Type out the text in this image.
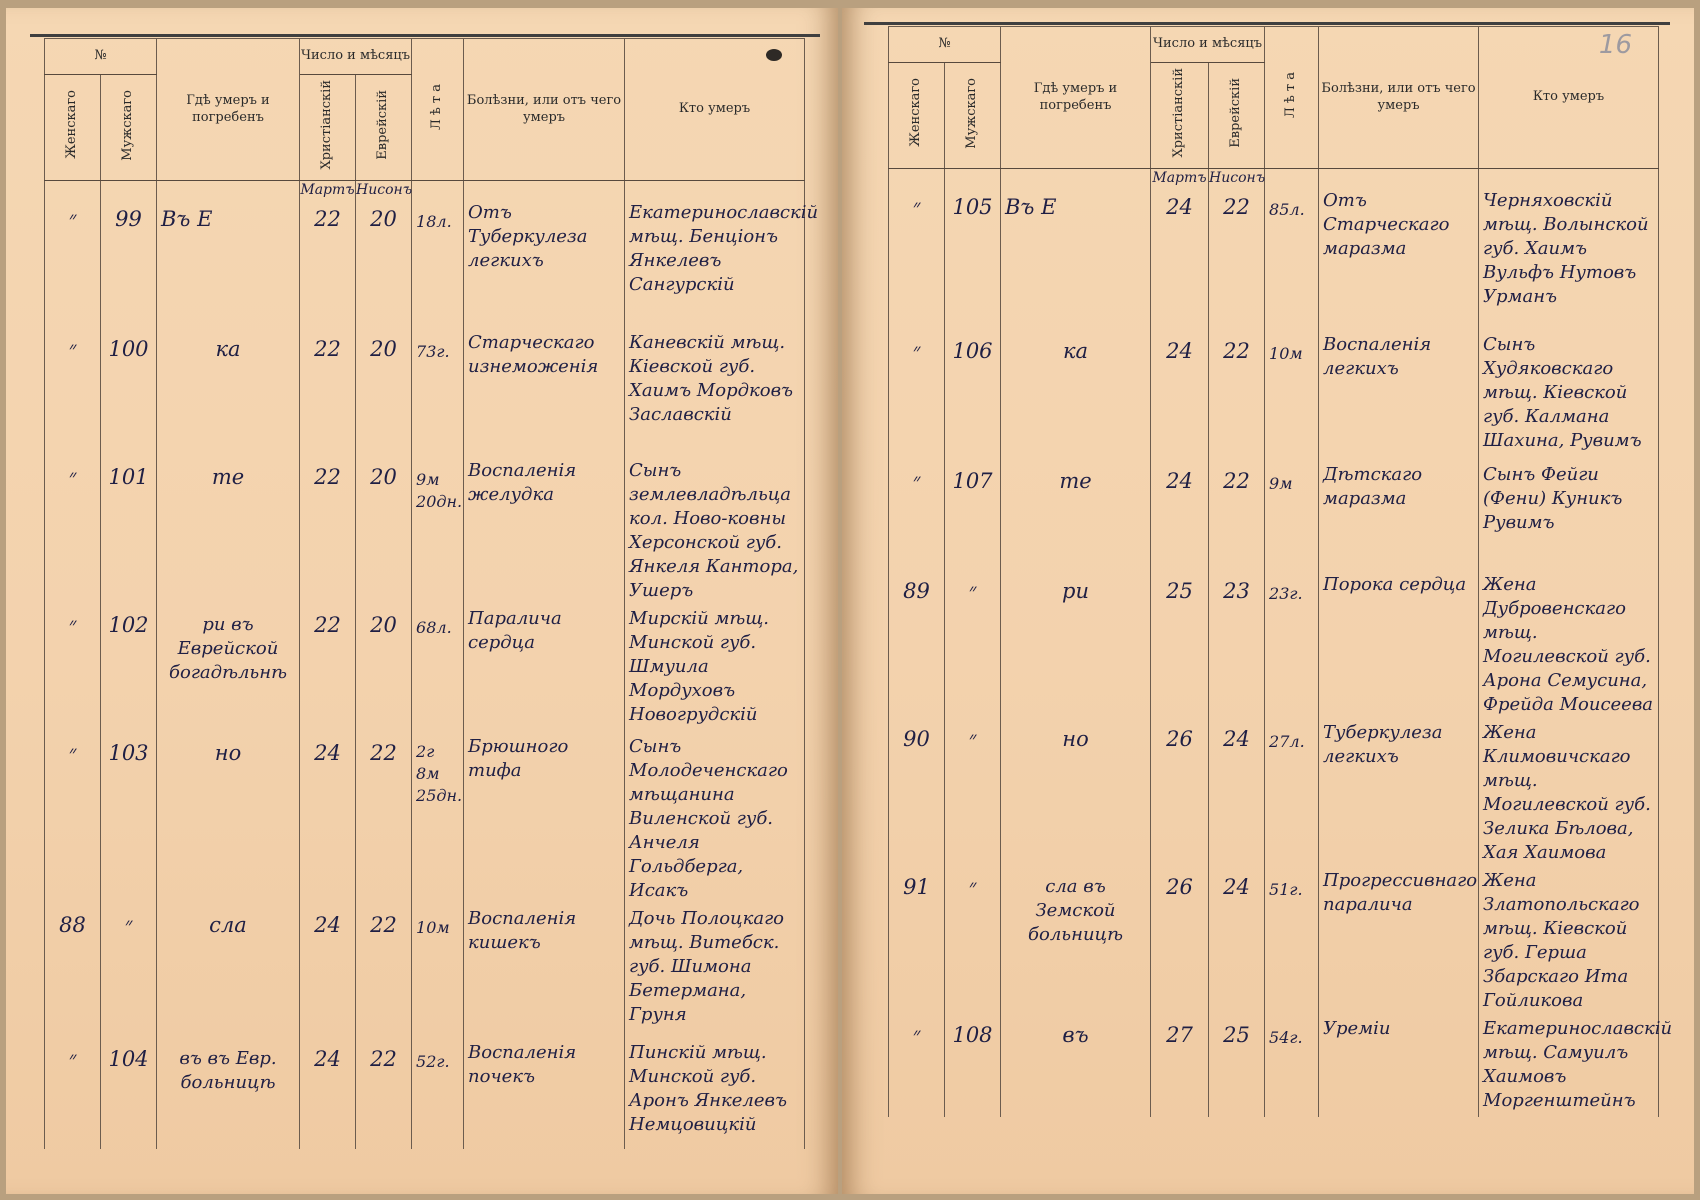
№		Гдѣ умеръ и погребенъ	Число и мѣсяцъ		Л ѣ т а	Болѣзни, или отъ чего умеръ	Кто умеръ
Женскаго	Мужскаго		Христіанскій	Еврейскій			

			Мартъ	Нисонъ			

״	99	Въ Е	22	20	18л.	Отъ Туберкулеза легкихъ	Екатеринославскій мѣщ. Бенціонъ Янкелевъ Сангурскій

״	100	ка	22	20	73г.	Старческаго изнеможенія	Каневскій мѣщ. Кіевской губ. Хаимъ Мордковъ Заславскій

״	101	те	22	20	9м 20дн.	Воспаленія желудка	Сынъ землевладѣльца кол. Ново-ковны Херсонской губ. Янкеля Кантора, Ушеръ

״	102	ри въ Еврейской богадѣльнѣ	22	20	68л.	Паралича сердца	Мирскій мѣщ. Минской губ. Шмуила Мордуховъ Новогрудскій

״	103	но	24	22	2г 8м 25дн.	Брюшного тифа	Сынъ Молодеченскаго мѣщанина Виленской губ. Анчеля Гольдберга, Исакъ

88	״	сла	24	22	10м	Воспаленія кишекъ	Дочь Полоцкаго мѣщ. Витебск. губ. Шимона Бетермана, Груня

״	104	въ въ Евр. больницѣ	24	22	52г.	Воспаленія почекъ	Пинскій мѣщ. Минской губ. Аронъ Янкелевъ Немцовицкій
16
№		Гдѣ умеръ и погребенъ	Число и мѣсяцъ		Л ѣ т а	Болѣзни, или отъ чего умеръ	Кто умеръ
Женскаго	Мужскаго		Христіанскій	Еврейскій			

			Мартъ	Нисонъ			

״	105	Въ Е	24	22	85л.	Отъ Старческаго маразма	Черняховскій мѣщ. Волынской губ. Хаимъ Вульфъ Нутовъ Урманъ

״	106	ка	24	22	10м	Воспаленія легкихъ	Сынъ Худяковскаго мѣщ. Кіевской губ. Калмана Шахина, Рувимъ

״	107	те	24	22	9м	Дѣтскаго маразма	Сынъ Фейги (Фени) Куникъ Рувимъ

89	״	ри	25	23	23г.	Порока сердца	Жена Дубровенскаго мѣщ. Могилевской губ. Арона Семусина, Фрейда Моисеева

90	״	но	26	24	27л.	Туберкулеза легкихъ	Жена Климовичскаго мѣщ. Могилевской губ. Зелика Бѣлова, Хая Хаимова

91	״	сла въ Земской больницѣ	26	24	51г.	Прогрессивнаго паралича	Жена Златопольскаго мѣщ. Кіевской губ. Герша Збарскаго Ита Гойликова

״	108	въ	27	25	54г.	Уреміи	Екатеринославскій мѣщ. Самуилъ Хаимовъ Моргенштейнъ
